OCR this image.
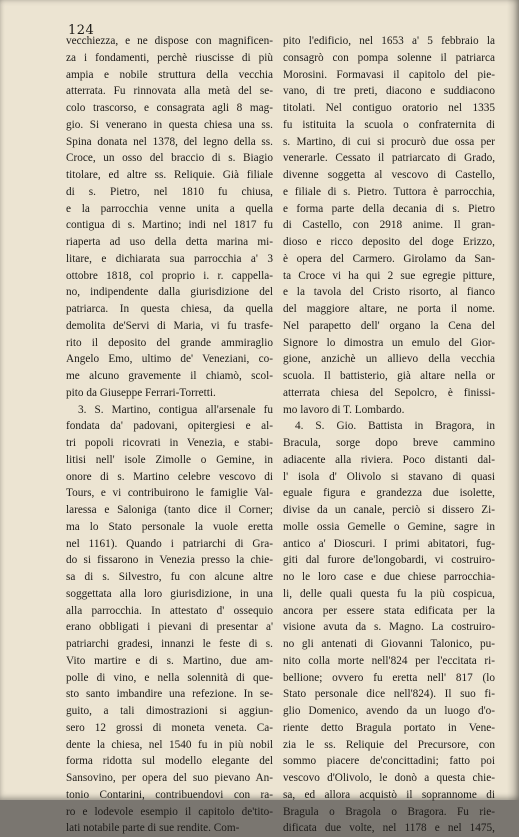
124
vecchiezza, e ne dispose con magnificen-
za i fondamenti, perchè riuscisse di più
ampia e nobile struttura della vecchia
atterrata. Fu rinnovata alla metà del se-
colo trascorso, e consagrata agli 8 mag-
gio. Si venerano in questa chiesa una ss.
Spina donata nel 1378, del legno della ss.
Croce, un osso del braccio di s. Biagio
titolare, ed altre ss. Reliquie. Già filiale
di s. Pietro, nel 1810 fu chiusa,
e la parrocchia venne unita a quella
contigua di s. Martino; indi nel 1817 fu
riaperta ad uso della detta marina mi-
litare, e dichiarata sua parrocchia a' 3
ottobre 1818, col proprio i. r. cappella-
no, indipendente dalla giurisdizione del
patriarca. In questa chiesa, da quella
demolita de'Servi di Maria, vi fu trasfe-
rito il deposito del grande ammiraglio
Angelo Emo, ultimo de' Veneziani, co-
me alcuno gravemente il chiamò, scol-
pito da Giuseppe Ferrari-Torretti.
3. S. Martino, contigua all'arsenale fu
fondata da' padovani, opitergiesi e al-
tri popoli ricovrati in Venezia, e stabi-
litisi nell' isole Zimolle o Gemine, in
onore di s. Martino celebre vescovo di
Tours, e vi contribuirono le famiglie Val-
laressa e Saloniga (tanto dice il Corner;
ma lo Stato personale la vuole eretta
nel 1161). Quando i patriarchi di Gra-
do si fissarono in Venezia presso la chie-
sa di s. Silvestro, fu con alcune altre
soggettata alla loro giurisdizione, in una
alla parrocchia. In attestato d' ossequio
erano obbligati i pievani di presentar a'
patriarchi gradesi, innanzi le feste di s.
Vito martire e di s. Martino, due am-
polle di vino, e nella solennità di que-
sto santo imbandire una refezione. In se-
guito, a tali dimostrazioni si aggiun-
sero 12 grossi di moneta veneta. Ca-
dente la chiesa, nel 1540 fu in più nobil
forma ridotta sul modello elegante del
Sansovino, per opera del suo pievano An-
tonio Contarini, contribuendovi con ra-
ro e lodevole esempio il capitolo de'tito-
lati notabile parte di sue rendite. Com-
pito l'edificio, nel 1653 a' 5 febbraio la
consagrò con pompa solenne il patriarca
Morosini. Formavasi il capitolo del pie-
vano, di tre preti, diacono e suddiacono
titolati. Nel contiguo oratorio nel 1335
fu istituita la scuola o confraternita di
s. Martino, di cui si procurò due ossa per
venerarle. Cessato il patriarcato di Grado,
divenne soggetta al vescovo di Castello,
e filiale di s. Pietro. Tuttora è parrocchia,
e forma parte della decania di s. Pietro
di Castello, con 2918 anime. Il gran-
dioso e ricco deposito del doge Erizzo,
è opera del Carmero. Girolamo da San-
ta Croce vi ha qui 2 sue egregie pitture,
e la tavola del Cristo risorto, al fianco
del maggiore altare, ne porta il nome.
Nel parapetto dell' organo la Cena del
Signore lo dimostra un emulo del Gior-
gione, anzichè un allievo della vecchia
scuola. Il battisterio, già altare nella or
atterrata chiesa del Sepolcro, è finissi-
mo lavoro di T. Lombardo.
4. S. Gio. Battista in Bragora, in
Bracula, sorge dopo breve cammino
adiacente alla riviera. Poco distanti dal-
l' isola d' Olivolo si stavano di quasi
eguale figura e grandezza due isolette,
divise da un canale, perciò si dissero Zi-
molle ossia Gemelle o Gemine, sagre in
antico a' Dioscuri. I primi abitatori, fug-
giti dal furore de'longobardi, vi costruiro-
no le loro case e due chiese parrocchia-
li, delle quali questa fu la più cospicua,
ancora per essere stata edificata per la
visione avuta da s. Magno. La costruiro-
no gli antenati di Giovanni Talonico, pu-
nito colla morte nell'824 per l'eccitata ri-
bellione; ovvero fu eretta nell' 817 (lo
Stato personale dice nell'824). Il suo fi-
glio Domenico, avendo da un luogo d'o-
riente detto Bragula portato in Vene-
zia le ss. Reliquie del Precursore, con
sommo piacere de'concittadini; fatto poi
vescovo d'Olivolo, le donò a questa chie-
sa, ed allora acquistò il soprannome di
Bragula o Bragola o Bragora. Fu rie-
dificata due volte, nel 1178 e nel 1475,
